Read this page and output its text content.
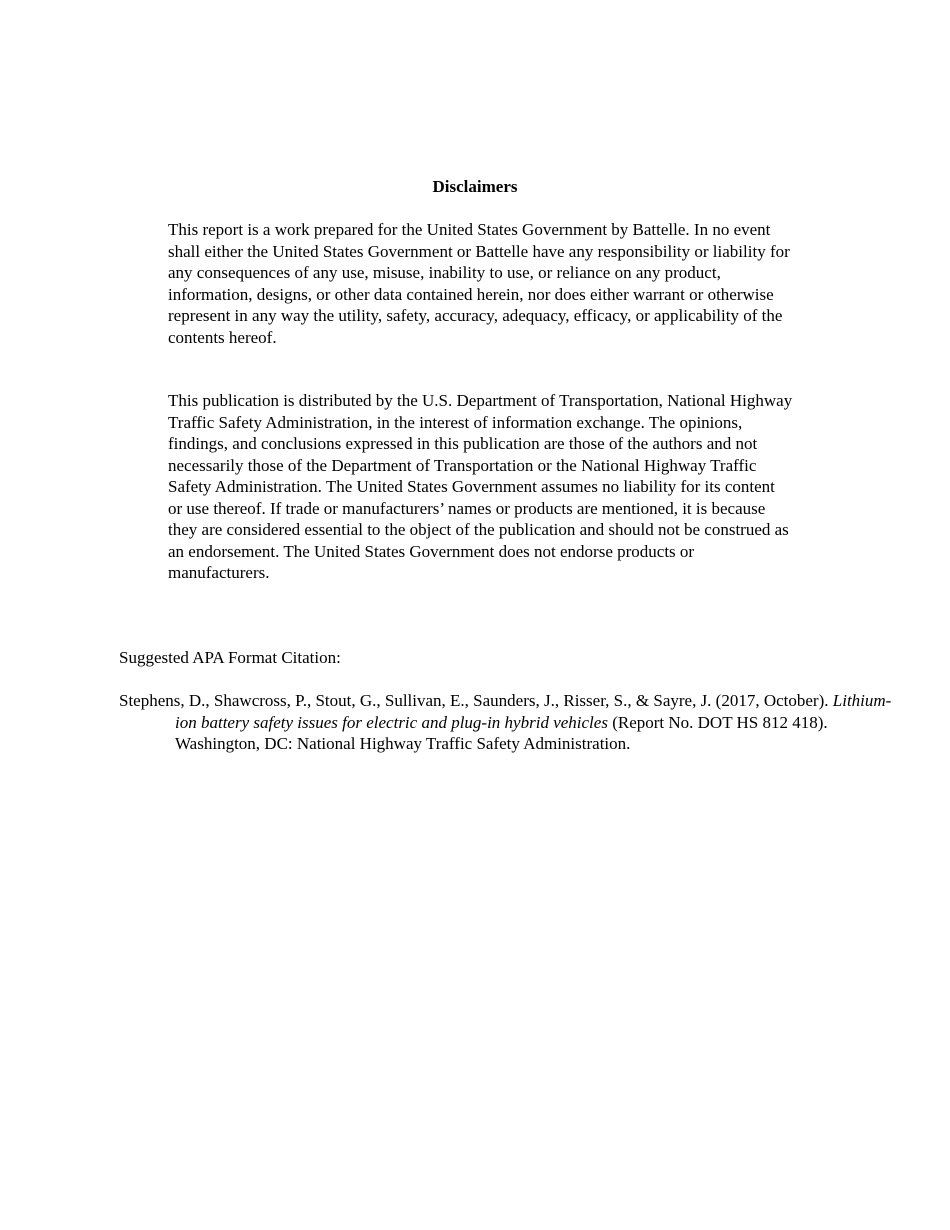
Disclaimers

This report is a work prepared for the United States Government by Battelle. In no event shall either the United States Government or Battelle have any responsibility or liability for any consequences of any use, misuse, inability to use, or reliance on any product, information, designs, or other data contained herein, nor does either warrant or otherwise represent in any way the utility, safety, accuracy, adequacy, efficacy, or applicability of the contents hereof.

This publication is distributed by the U.S. Department of Transportation, National Highway Traffic Safety Administration, in the interest of information exchange. The opinions, findings, and conclusions expressed in this publication are those of the authors and not necessarily those of the Department of Transportation or the National Highway Traffic Safety Administration. The United States Government assumes no liability for its content or use thereof. If trade or manufacturers’ names or products are mentioned, it is because they are considered essential to the object of the publication and should not be construed as an endorsement. The United States Government does not endorse products or manufacturers.

Suggested APA Format Citation:

Stephens, D., Shawcross, P., Stout, G., Sullivan, E., Saunders, J., Risser, S., & Sayre, J. (2017, October). Lithium-ion battery safety issues for electric and plug-in hybrid vehicles (Report No. DOT HS 812 418). Washington, DC: National Highway Traffic Safety Administration.
